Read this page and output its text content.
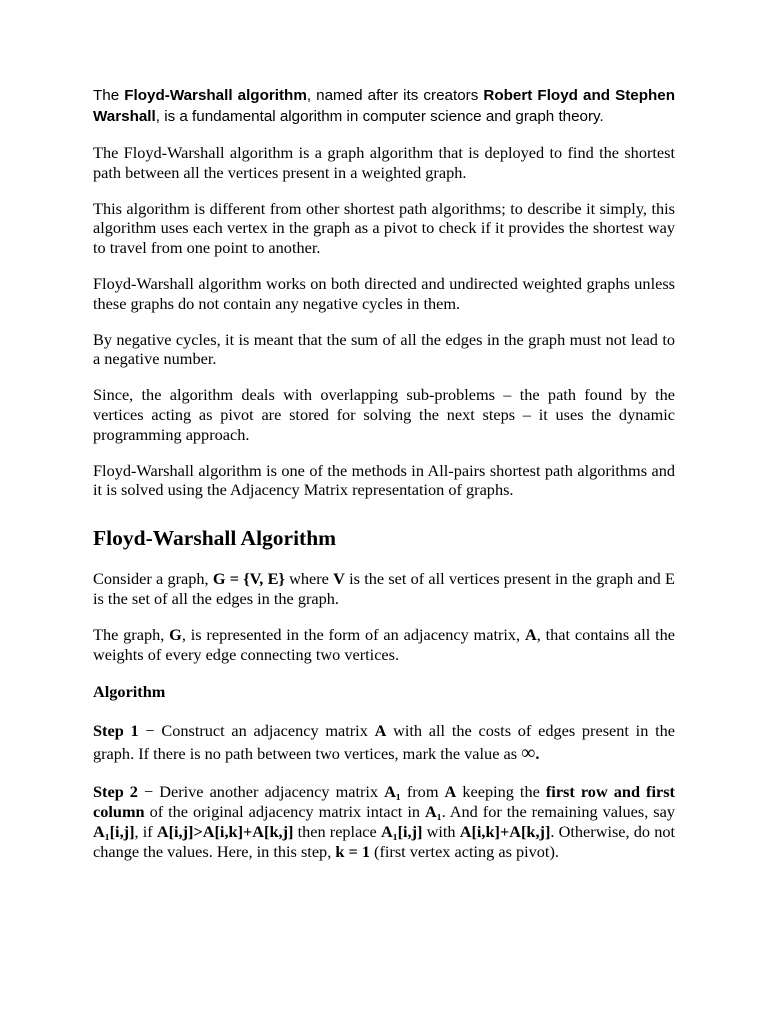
The Floyd-Warshall algorithm, named after its creators Robert Floyd and Stephen Warshall, is a fundamental algorithm in computer science and graph theory.

The Floyd-Warshall algorithm is a graph algorithm that is deployed to find the shortest path between all the vertices present in a weighted graph.

This algorithm is different from other shortest path algorithms; to describe it simply, this algorithm uses each vertex in the graph as a pivot to check if it provides the shortest way to travel from one point to another.

Floyd-Warshall algorithm works on both directed and undirected weighted graphs unless these graphs do not contain any negative cycles in them.

By negative cycles, it is meant that the sum of all the edges in the graph must not lead to a negative number.

Since, the algorithm deals with overlapping sub-problems – the path found by the vertices acting as pivot are stored for solving the next steps – it uses the dynamic programming approach.

Floyd-Warshall algorithm is one of the methods in All-pairs shortest path algorithms and it is solved using the Adjacency Matrix representation of graphs.

Floyd-Warshall Algorithm

Consider a graph, G = {V, E} where V is the set of all vertices present in the graph and E is the set of all the edges in the graph.

The graph, G, is represented in the form of an adjacency matrix, A, that contains all the weights of every edge connecting two vertices.

Algorithm

Step 1 − Construct an adjacency matrix A with all the costs of edges present in the graph. If there is no path between two vertices, mark the value as ∞.

Step 2 − Derive another adjacency matrix A₁ from A keeping the first row and first column of the original adjacency matrix intact in A₁. And for the remaining values, say A₁[i,j], if A[i,j]>A[i,k]+A[k,j] then replace A₁[i,j] with A[i,k]+A[k,j]. Otherwise, do not change the values. Here, in this step, k = 1 (first vertex acting as pivot).
